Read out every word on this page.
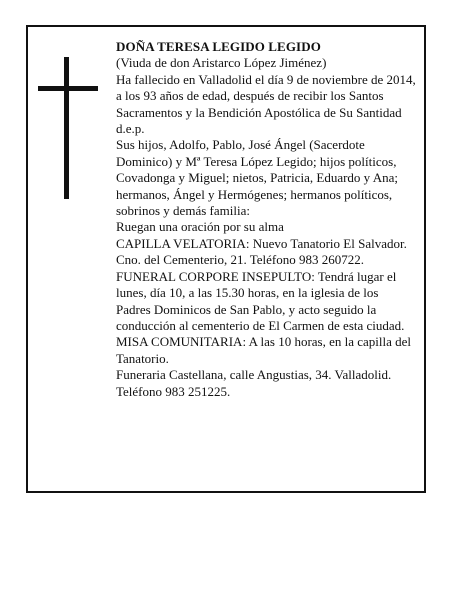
DOÑA TERESA LEGIDO LEGIDO

(Viuda de don Aristarco López Jiménez)

Ha fallecido en Valladolid el día 9 de noviembre de 2014, a los 93 años de edad, después de recibir los Santos Sacramentos y la Bendición Apostólica de Su Santidad

d.e.p.

Sus hijos, Adolfo, Pablo, José Ángel (Sacerdote Dominico) y Mª Teresa López Legido; hijos políticos, Covadonga y Miguel; nietos, Patricia, Eduardo y Ana; hermanos, Ángel y Hermógenes; hermanos políticos, sobrinos y demás familia:

Ruegan una oración por su alma

CAPILLA VELATORIA: Nuevo Tanatorio El Salvador. Cno. del Cementerio, 21. Teléfono 983 260722.

FUNERAL CORPORE INSEPULTO: Tendrá lugar el lunes, día 10, a las 15.30 horas, en la iglesia de los Padres Dominicos de San Pablo, y acto seguido la conducción al cementerio de El Carmen de esta ciudad.

MISA COMUNITARIA: A las 10 horas, en la capilla del Tanatorio.

Funeraria Castellana, calle Angustias, 34. Valladolid. Teléfono 983 251225.
